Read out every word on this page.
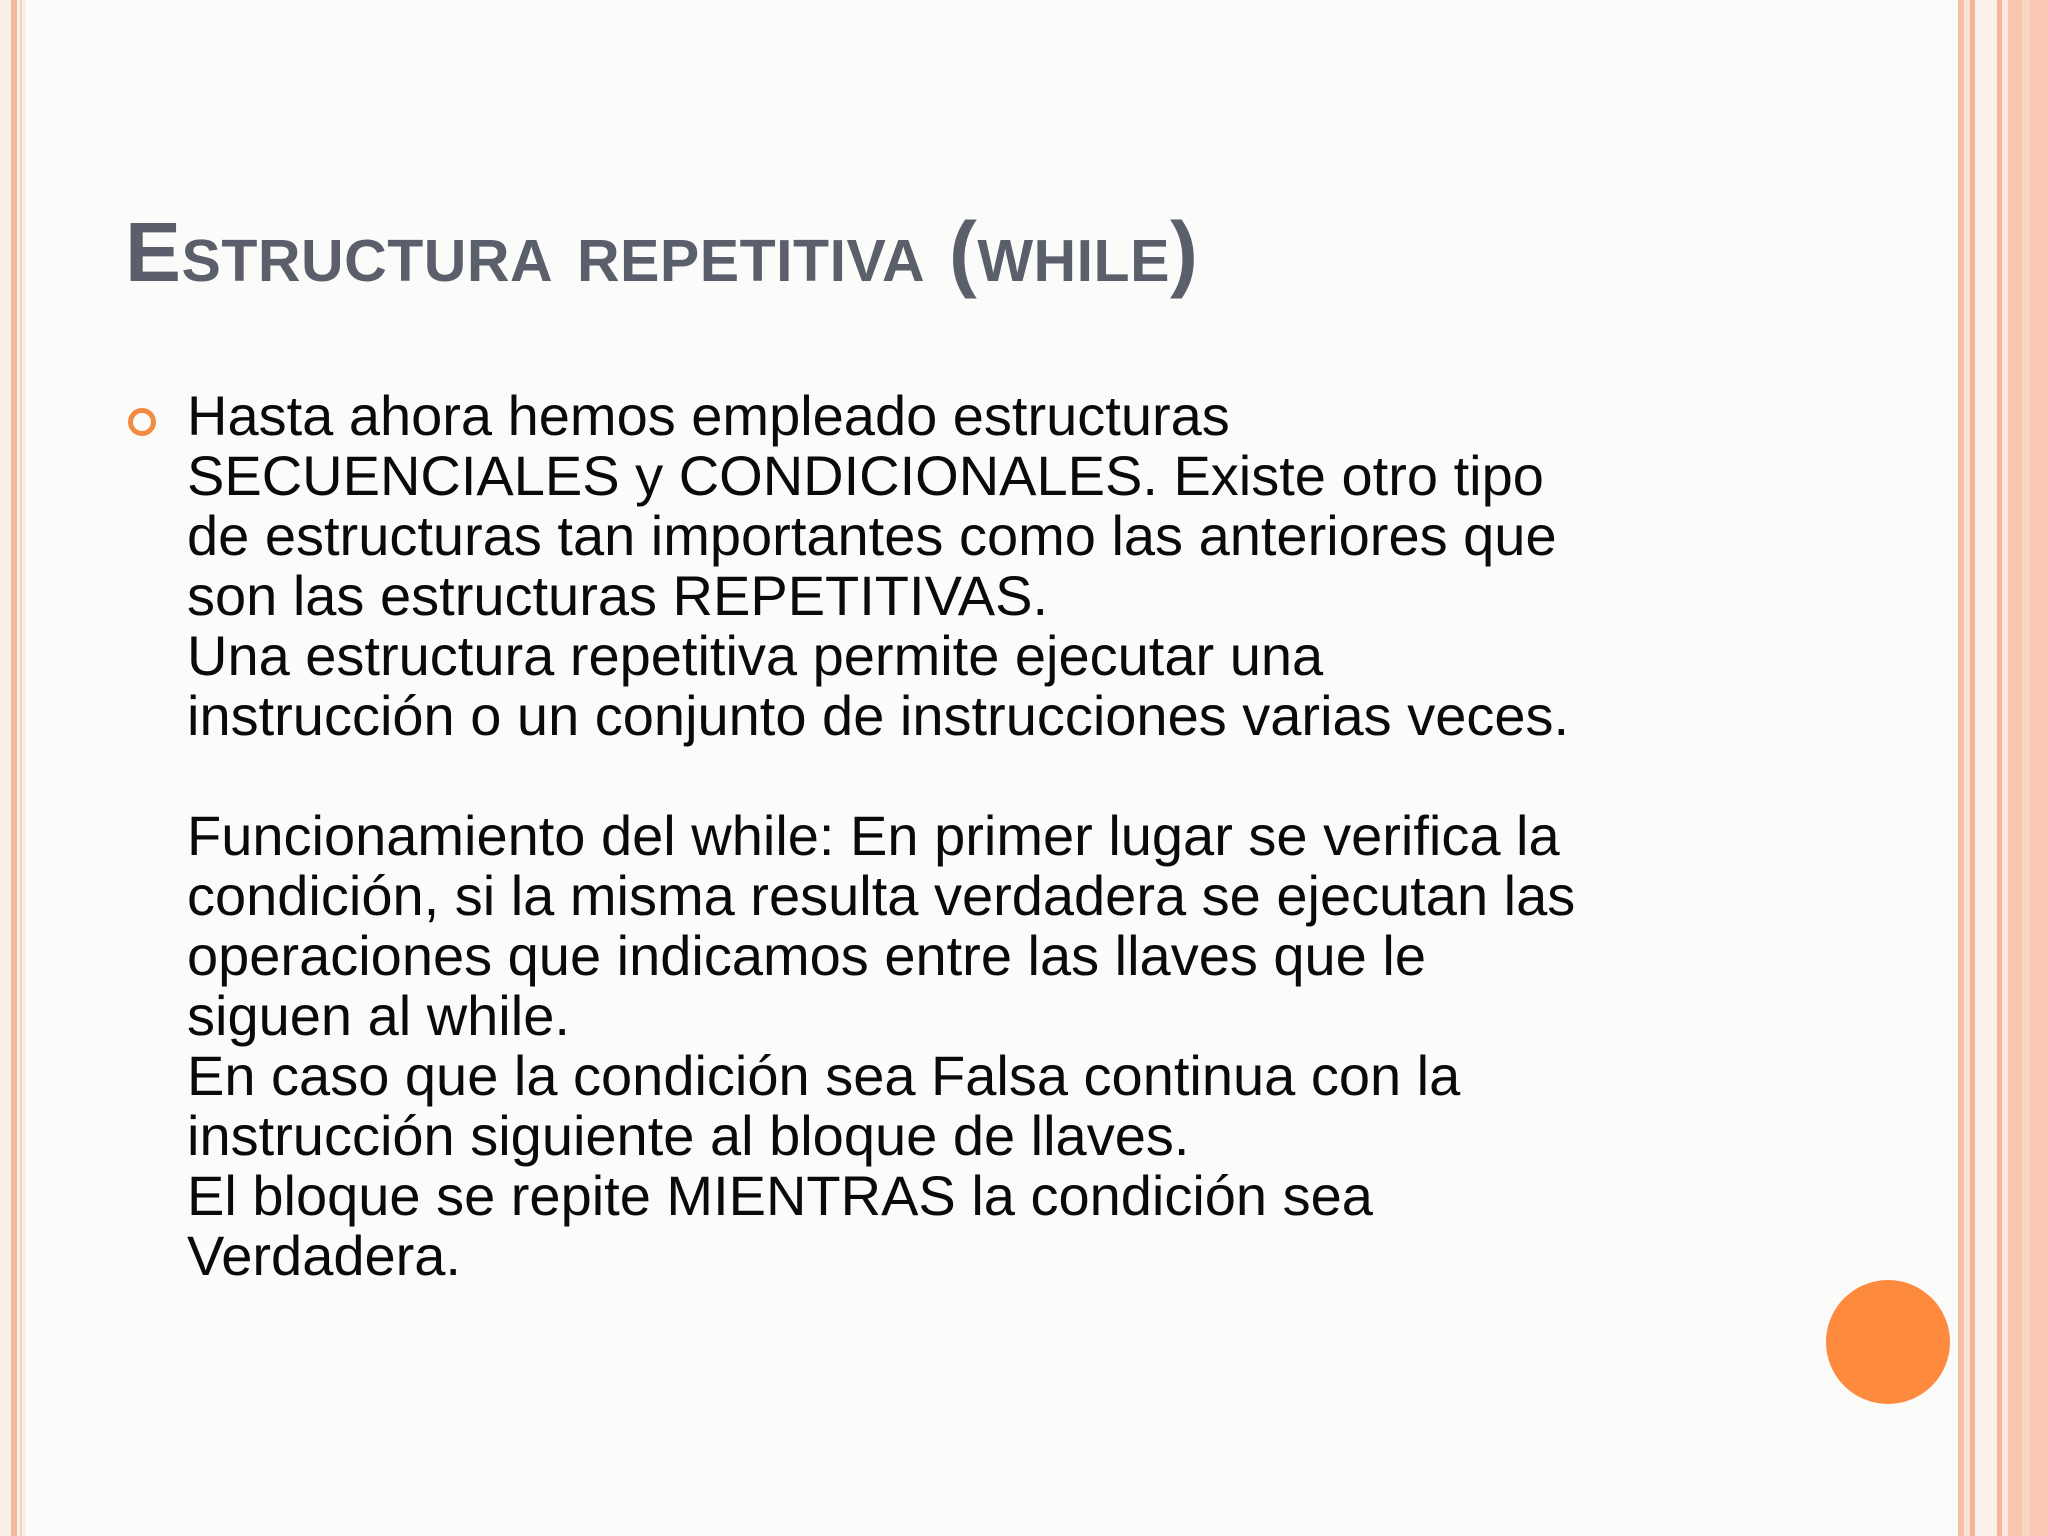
Estructura repetitiva (while)
Hasta ahora hemos empleado estructuras
SECUENCIALES y CONDICIONALES. Existe otro tipo
de estructuras tan importantes como las anteriores que
son las estructuras REPETITIVAS.
Una estructura repetitiva permite ejecutar una
instrucción o un conjunto de instrucciones varias veces.
Funcionamiento del while: En primer lugar se verifica la
condición, si la misma resulta verdadera se ejecutan las
operaciones que indicamos entre las llaves que le
siguen al while.
En caso que la condición sea Falsa continua con la
instrucción siguiente al bloque de llaves.
El bloque se repite MIENTRAS la condición sea
Verdadera.
